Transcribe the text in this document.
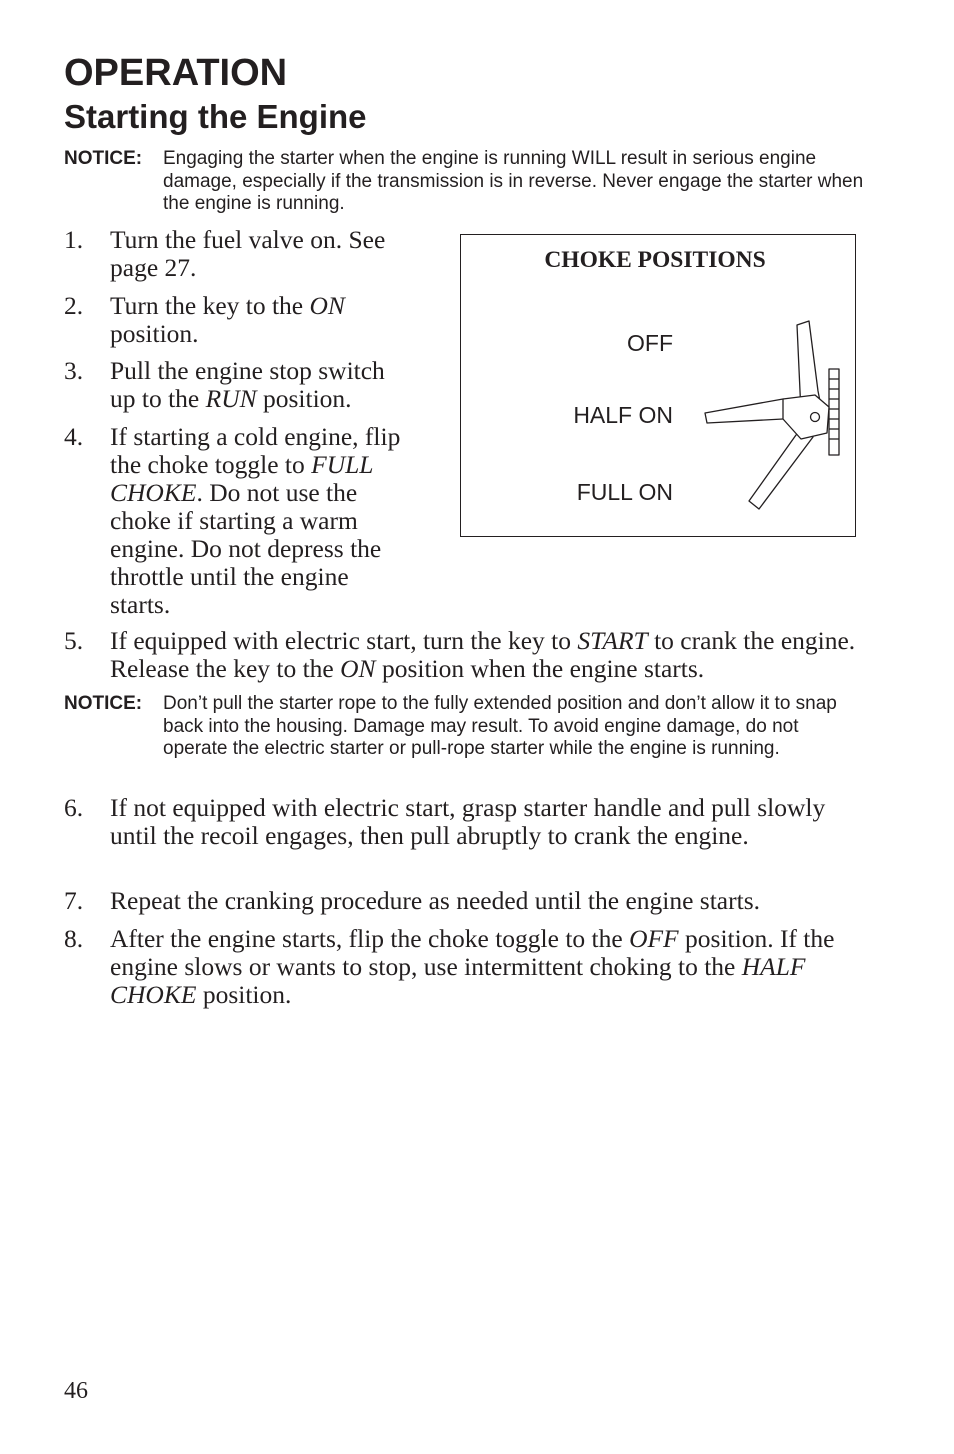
OPERATION
Starting the Engine
NOTICE: Engaging the starter when the engine is running WILL result in serious engine damage, especially if the transmission is in reverse. Never engage the starter when the engine is running.
1. Turn the fuel valve on. See page 27.
2. Turn the key to the ON position.
3. Pull the engine stop switch up to the RUN position.
4. If starting a cold engine, flip the choke toggle to FULL CHOKE. Do not use the choke if starting a warm engine. Do not depress the throttle until the engine starts.
CHOKE POSITIONS
OFF
HALF ON
FULL ON
5. If equipped with electric start, turn the key to START to crank the engine. Release the key to the ON position when the engine starts.
NOTICE: Don’t pull the starter rope to the fully extended position and don’t allow it to snap back into the housing. Damage may result. To avoid engine damage, do not operate the electric starter or pull-rope starter while the engine is running.
6. If not equipped with electric start, grasp starter handle and pull slowly until the recoil engages, then pull abruptly to crank the engine.
7. Repeat the cranking procedure as needed until the engine starts.
8. After the engine starts, flip the choke toggle to the OFF position. If the engine slows or wants to stop, use intermittent choking to the HALF CHOKE position.
46
